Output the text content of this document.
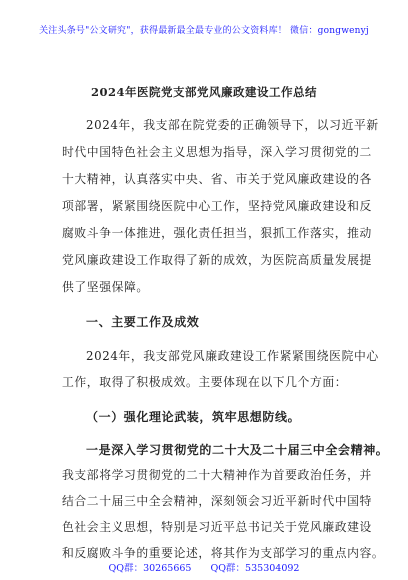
关注头条号"公文研究"，获得最新最全最专业的公文资料库！ 微信：gongwenyj
2024年医院党支部党风廉政建设工作总结
2024年，我支部在院党委的正确领导下，以习近平新
时代中国特色社会主义思想为指导，深入学习贯彻党的二
十大精神，认真落实中央、省、市关于党风廉政建设的各
项部署，紧紧围绕医院中心工作，坚持党风廉政建设和反
腐败斗争一体推进，强化责任担当，狠抓工作落实，推动
党风廉政建设工作取得了新的成效，为医院高质量发展提
供了坚强保障。
一、主要工作及成效
2024年，我支部党风廉政建设工作紧紧围绕医院中心
工作，取得了积极成效。主要体现在以下几个方面：
（一）强化理论武装，筑牢思想防线。
一是深入学习贯彻党的二十大及二十届三中全会精神。
我支部将学习贯彻党的二十大精神作为首要政治任务，并
结合二十届三中全会精神，深刻领会习近平新时代中国特
色社会主义思想，特别是习近平总书记关于党风廉政建设
和反腐败斗争的重要论述，将其作为支部学习的重点内容。
QQ群：30265665 QQ群：535304092
